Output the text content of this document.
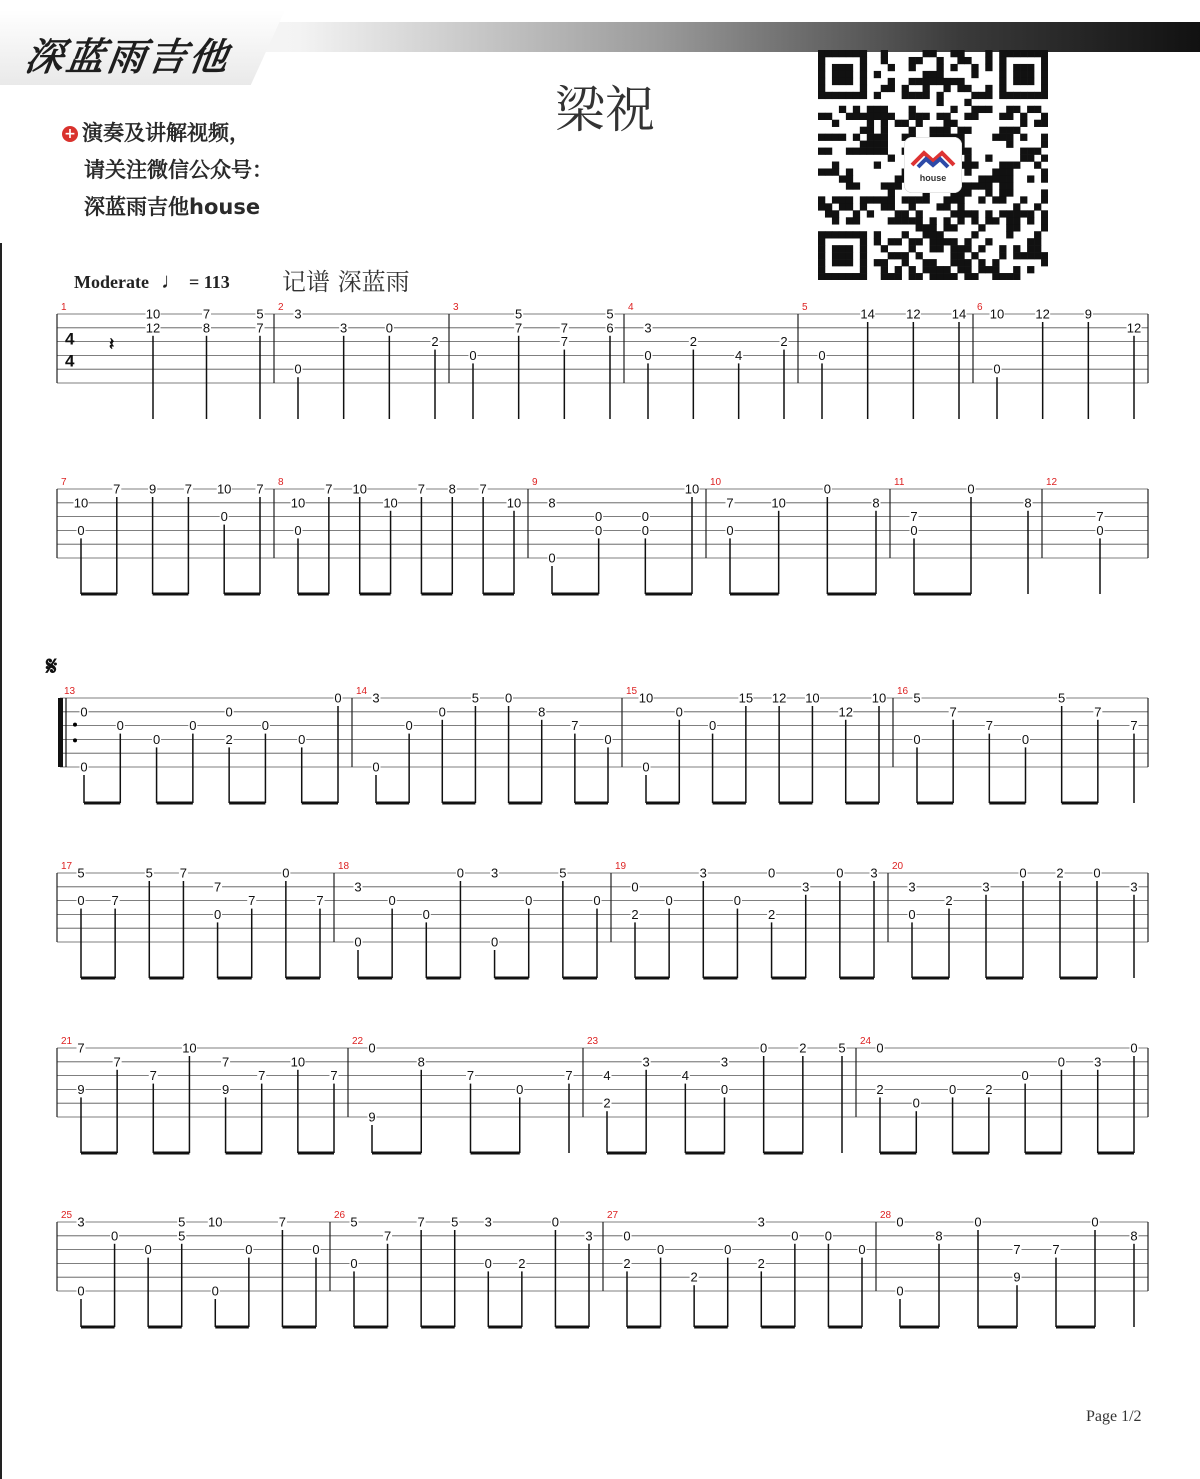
深蓝雨吉他
梁祝
+ 演奏及讲解视频，
请关注微信公众号：
深蓝雨吉他house
house
Moderate ♩ = 113 记谱 深蓝雨
𝄋
4
4
𝄽
1	10
12
7
8
5
7
2 3
0
3	0
2
3
0
5
7	7
7
5
6
4
3
0
2
4
2
5
0
14 12 14 6 10
0
12	9
12
7
10
0
7 9 7 10
0
7 8
10
0
7 10
10
7 8 7
10
9
8
0
0
0
0
0
10 10
7
0
10
0
8
11
7
0
0
8
12
7
0
13
0
0
0
0
0
0
2
0
0
0 14 3
0
0
0
5 0
8
7
0
15 10
0
0
0
15 12 10
12
10 16 5
0
7
7
0
5
7
7
17 5
0 7
5 7
7
0
7
0
7
18
3
0
0
0
0 3
0
0
5
0
19
0
2
0
3
0
0
2
3
0 3 20
3
0
2
3
0 2 0
3
21 7
9
7
7
10
7
9
7
10
7
22 0
9
8
7
0
7
23
4
2
3
4
3
0
0 2 5 24 0
2
0
0 2
0
0 3
0
25 3
0
0
0
5
5
10
0
0
7
0
26 5
0
7
7 5 3
0 2
0
3
27
0
2
0
2
0
3
2
0 0
0
28 0
0
8
0
7
9
7
0
8
Page 1/2
